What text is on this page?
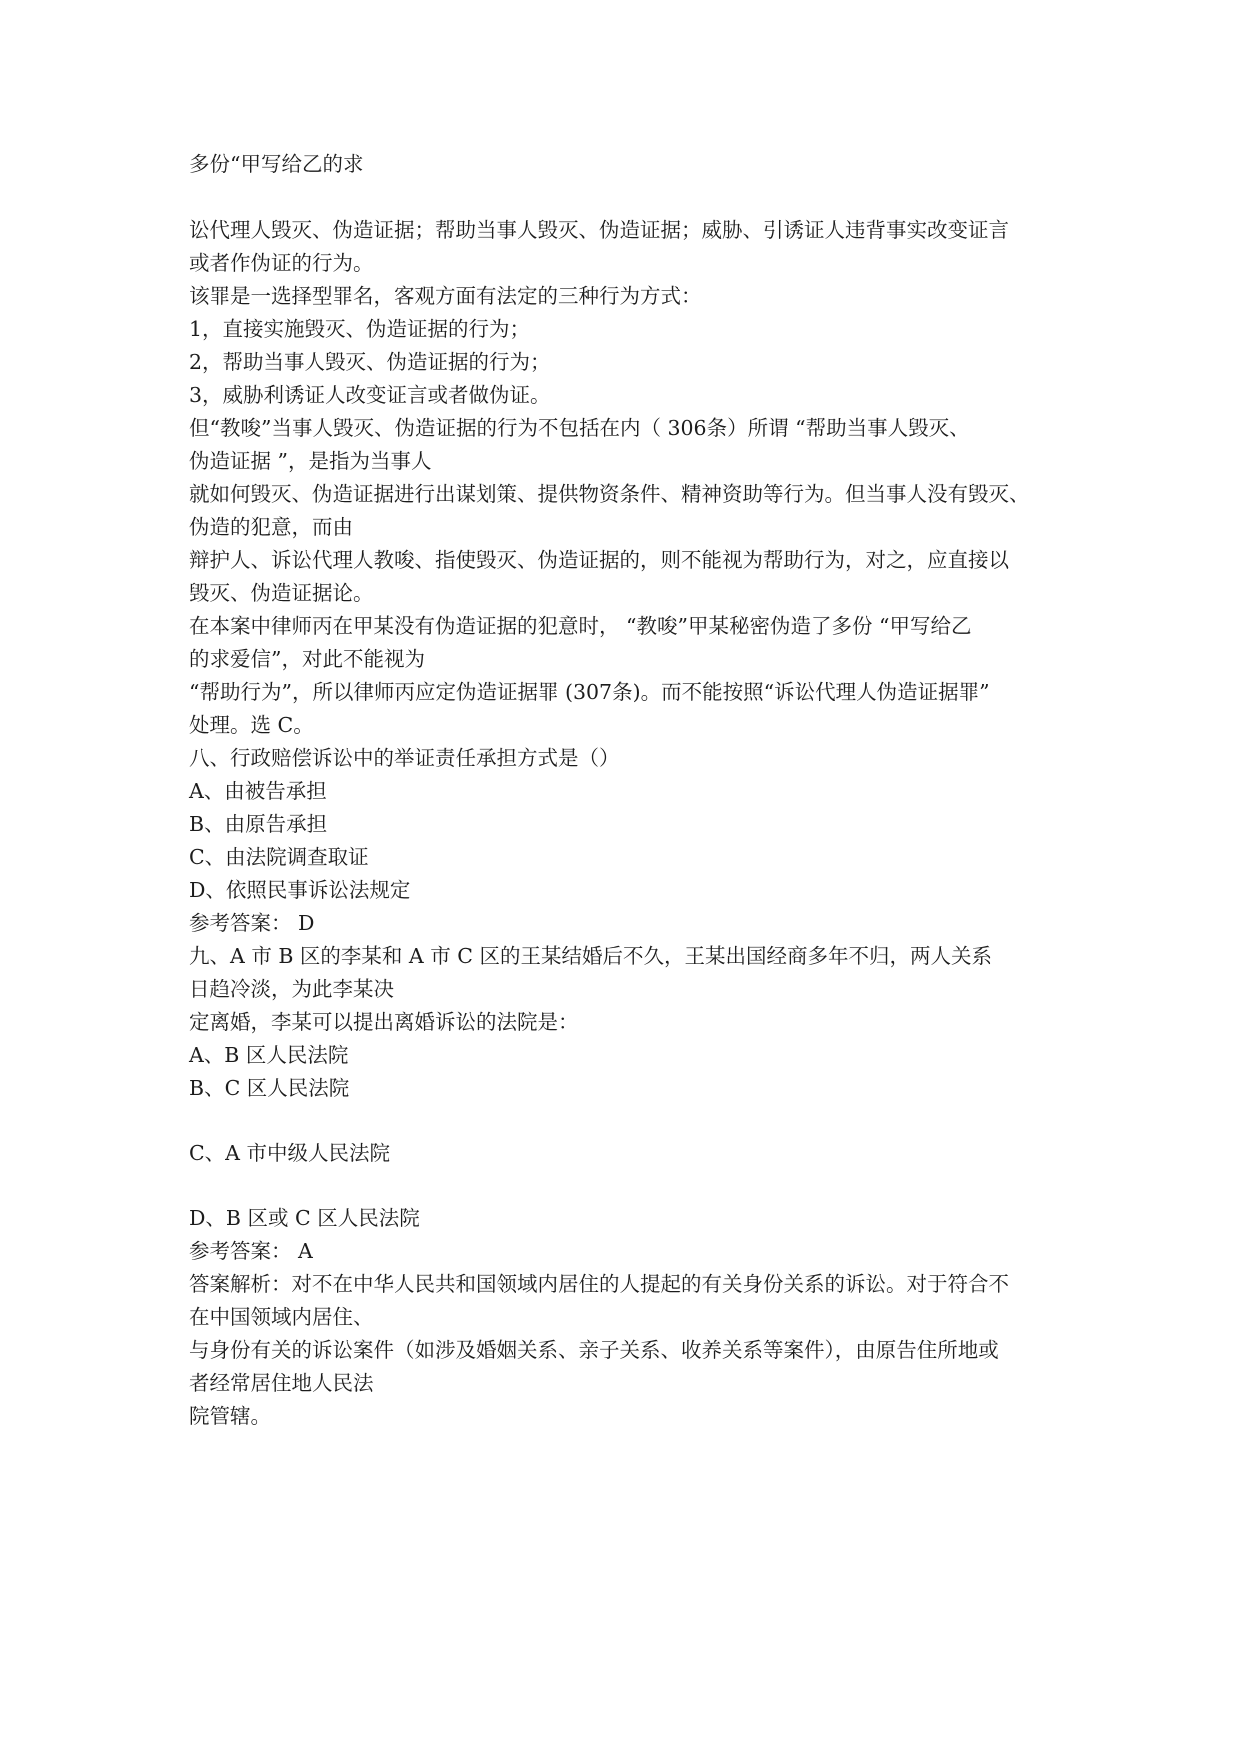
多份“甲写给乙的求
讼代理人毁灭、伪造证据；帮助当事人毁灭、伪造证据；威胁、引诱证人违背事实改变证言
或者作伪证的行为。
该罪是一选择型罪名，客观方面有法定的三种行为方式：
1，直接实施毁灭、伪造证据的行为；
2，帮助当事人毁灭、伪造证据的行为；
3，威胁利诱证人改变证言或者做伪证。
但“教唆”当事人毁灭、伪造证据的行为不包括在内（ 306条）所谓 “帮助当事人毁灭、
伪造证据 ”，是指为当事人
就如何毁灭、伪造证据进行出谋划策、提供物资条件、精神资助等行为。但当事人没有毁灭、
伪造的犯意，而由
辩护人、诉讼代理人教唆、指使毁灭、伪造证据的，则不能视为帮助行为，对之，应直接以
毁灭、伪造证据论。
在本案中律师丙在甲某没有伪造证据的犯意时， “教唆”甲某秘密伪造了多份 “甲写给乙
的求爱信”，对此不能视为
“帮助行为”，所以律师丙应定伪造证据罪 (307条)。而不能按照“诉讼代理人伪造证据罪”
处理。选 C。
八、行政赔偿诉讼中的举证责任承担方式是（）
A、由被告承担
B、由原告承担
C、由法院调查取证
D、依照民事诉讼法规定
参考答案： D
九、A 市 B 区的李某和 A 市 C 区的王某结婚后不久，王某出国经商多年不归，两人关系
日趋冷淡，为此李某决
定离婚，李某可以提出离婚诉讼的法院是：
A、B 区人民法院
B、C 区人民法院
C、A 市中级人民法院
D、B 区或 C 区人民法院
参考答案： A
答案解析：对不在中华人民共和国领域内居住的人提起的有关身份关系的诉讼。对于符合不
在中国领域内居住、
与身份有关的诉讼案件（如涉及婚姻关系、亲子关系、收养关系等案件），由原告住所地或
者经常居住地人民法
院管辖。
